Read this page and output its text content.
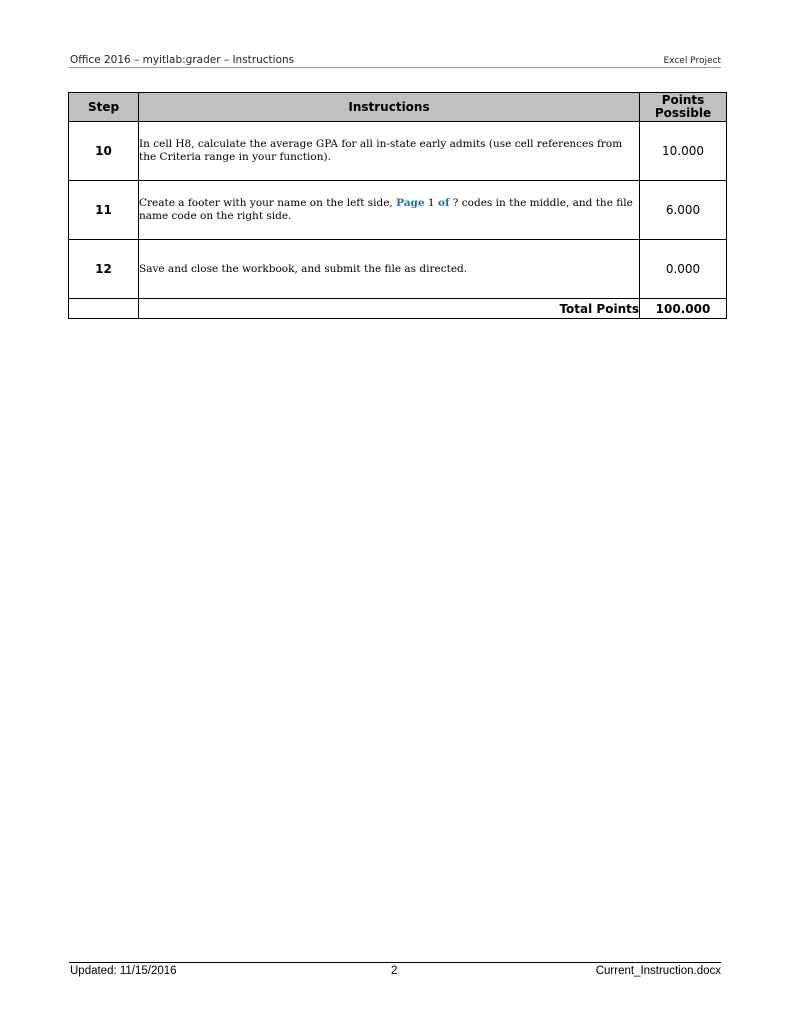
Office 2016 – myitlab:grader – Instructions	Excel Project
Step	Instructions	Points
Possible
10	In cell H8, calculate the average GPA for all in-state early admits (use cell references from the Criteria range in your function).	10.000
11	Create a footer with your name on the left side, Page 1 of ? codes in the middle, and the file name code on the right side.	6.000
12	Save and close the workbook, and submit the file as directed.	0.000
	Total Points	100.000
Updated: 11/15/2016	2	Current_Instruction.docx
